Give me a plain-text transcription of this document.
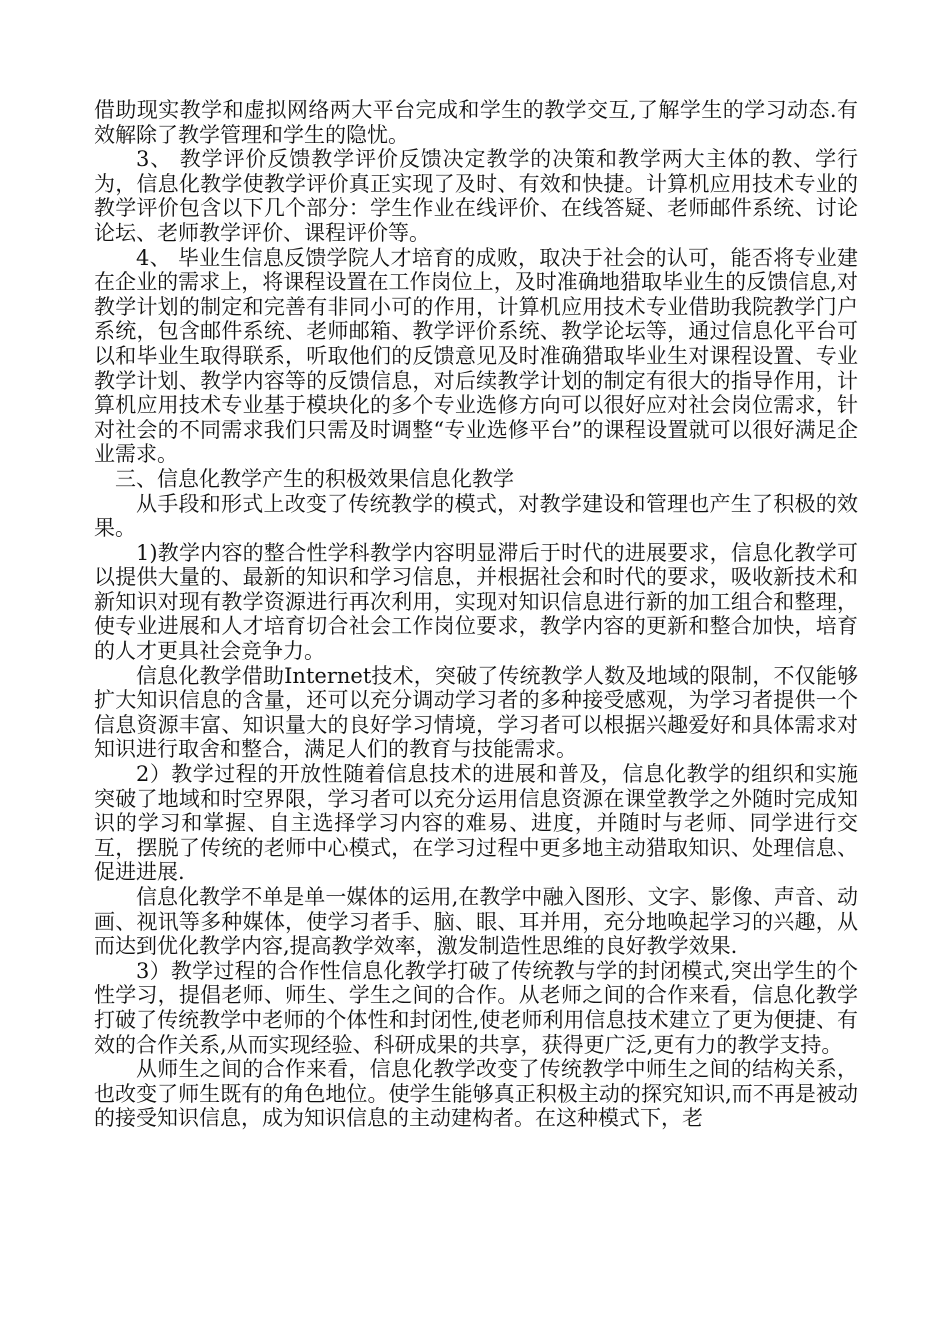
借助现实教学和虚拟网络两大平台完成和学生的教学交互,了解学生的学习动态.有效解除了教学管理和学生的隐忧。

3、 教学评价反馈教学评价反馈决定教学的决策和教学两大主体的教、学行为，信息化教学使教学评价真正实现了及时、有效和快捷。计算机应用技术专业的教学评价包含以下几个部分：学生作业在线评价、在线答疑、老师邮件系统、讨论论坛、老师教学评价、课程评价等。

4、 毕业生信息反馈学院人才培育的成败，取决于社会的认可，能否将专业建在企业的需求上，将课程设置在工作岗位上，及时准确地猎取毕业生的反馈信息,对教学计划的制定和完善有非同小可的作用，计算机应用技术专业借助我院教学门户系统，包含邮件系统、老师邮箱、教学评价系统、教学论坛等，通过信息化平台可以和毕业生取得联系，听取他们的反馈意见及时准确猎取毕业生对课程设置、专业教学计划、教学内容等的反馈信息，对后续教学计划的制定有很大的指导作用，计算机应用技术专业基于模块化的多个专业选修方向可以很好应对社会岗位需求，针对社会的不同需求我们只需及时调整“专业选修平台”的课程设置就可以很好满足企业需求。

三、信息化教学产生的积极效果信息化教学

从手段和形式上改变了传统教学的模式，对教学建设和管理也产生了积极的效果。

1)教学内容的整合性学科教学内容明显滞后于时代的进展要求，信息化教学可以提供大量的、最新的知识和学习信息，并根据社会和时代的要求，吸收新技术和新知识对现有教学资源进行再次利用，实现对知识信息进行新的加工组合和整理，使专业进展和人才培育切合社会工作岗位要求，教学内容的更新和整合加快，培育的人才更具社会竞争力。

信息化教学借助Internet技术，突破了传统教学人数及地域的限制，不仅能够扩大知识信息的含量，还可以充分调动学习者的多种接受感观，为学习者提供一个信息资源丰富、知识量大的良好学习情境，学习者可以根据兴趣爱好和具体需求对知识进行取舍和整合，满足人们的教育与技能需求。

2）教学过程的开放性随着信息技术的进展和普及，信息化教学的组织和实施突破了地域和时空界限，学习者可以充分运用信息资源在课堂教学之外随时完成知识的学习和掌握、自主选择学习内容的难易、进度，并随时与老师、同学进行交互，摆脱了传统的老师中心模式，在学习过程中更多地主动猎取知识、处理信息、促进进展.

信息化教学不单是单一媒体的运用,在教学中融入图形、文字、影像、声音、动画、视讯等多种媒体，使学习者手、脑、眼、耳并用，充分地唤起学习的兴趣，从而达到优化教学内容,提高教学效率，激发制造性思维的良好教学效果.

3）教学过程的合作性信息化教学打破了传统教与学的封闭模式,突出学生的个性学习，提倡老师、师生、学生之间的合作。从老师之间的合作来看，信息化教学打破了传统教学中老师的个体性和封闭性,使老师利用信息技术建立了更为便捷、有效的合作关系,从而实现经验、科研成果的共享，获得更广泛,更有力的教学支持。

从师生之间的合作来看，信息化教学改变了传统教学中师生之间的结构关系，也改变了师生既有的角色地位。使学生能够真正积极主动的探究知识,而不再是被动的接受知识信息，成为知识信息的主动建构者。在这种模式下，老
